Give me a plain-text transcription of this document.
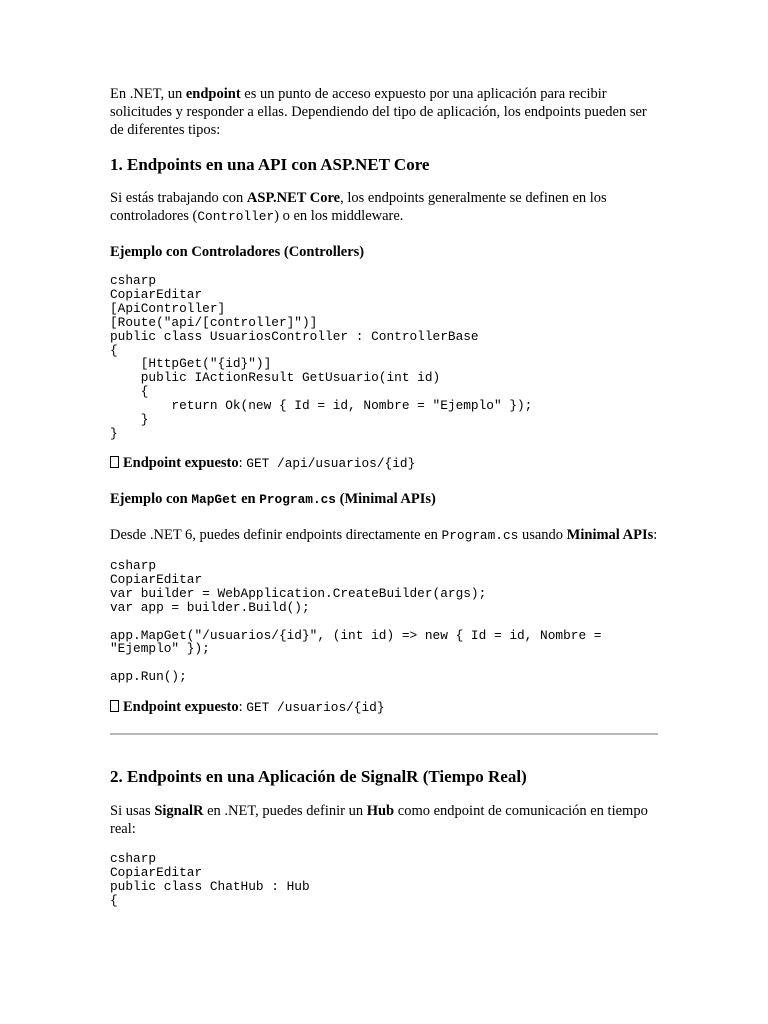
En .NET, un endpoint es un punto de acceso expuesto por una aplicación para recibir solicitudes y responder a ellas. Dependiendo del tipo de aplicación, los endpoints pueden ser de diferentes tipos:

1. Endpoints en una API con ASP.NET Core

Si estás trabajando con ASP.NET Core, los endpoints generalmente se definen en los controladores (Controller) o en los middleware.

Ejemplo con Controladores (Controllers)
csharp
CopiarEditar
[ApiController]
[Route("api/[controller]")]
public class UsuariosController : ControllerBase
{
[HttpGet("{id}")]
public IActionResult GetUsuario(int id)
{
return Ok(new { Id = id, Nombre = "Ejemplo" });
}
}

Endpoint expuesto: GET /api/usuarios/{id}

Ejemplo con MapGet en Program.cs (Minimal APIs)

Desde .NET 6, puedes definir endpoints directamente en Program.cs usando Minimal APIs:

csharp
CopiarEditar
var builder = WebApplication.CreateBuilder(args);
var app = builder.Build();
app.MapGet("/usuarios/{id}", (int id) => new { Id = id, Nombre =
"Ejemplo" });
app.Run();

Endpoint expuesto: GET /usuarios/{id}

2. Endpoints en una Aplicación de SignalR (Tiempo Real)

Si usas SignalR en .NET, puedes definir un Hub como endpoint de comunicación en tiempo real:

csharp
CopiarEditar
public class ChatHub : Hub
{
